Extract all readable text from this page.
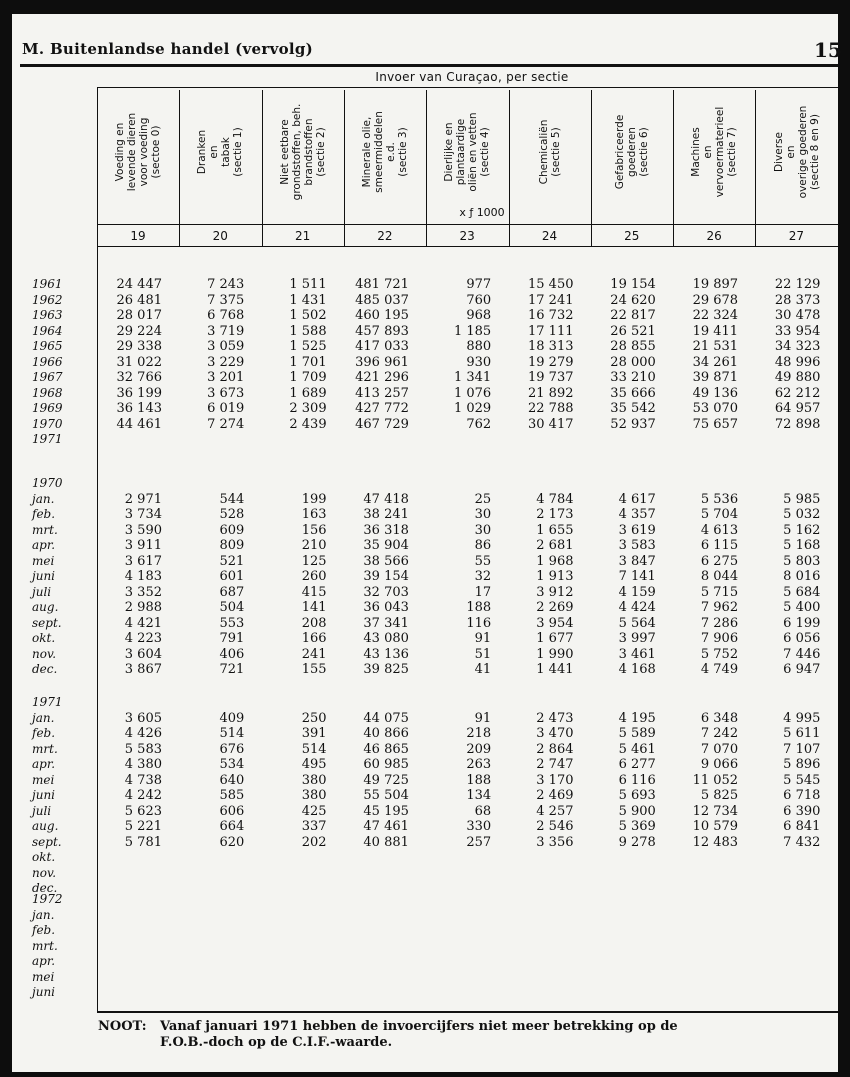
M. Buitenlandse handel (vervolg)	15
Invoer van Curaçao, per sectie
Voeding en levende dieren voor voeding (sectoe 0)	Dranken en tabak (sectie 1)	Niet eetbare grondstoffen, beh. brandstoffen (sectie 2)	Minerale olie, smeermiddelen e.d. (sectie 3)	Dierlijke en plantaardige oliën en vetten (sectie 4)	Chemicaliën (sectie 5)	Gefabriceerde goederen (sectie 6)	Machines en vervoermaterieel (sectie 7)	Diverse en overige goederen (sectie 8 en 9)
x ƒ 1000
19	20	21	22	23	24	25	26	27
1961	24 447	7 243	1 511	481 721	977	15 450	19 154	19 897	22 129
1962	26 481	7 375	1 431	485 037	760	17 241	24 620	29 678	28 373
1963	28 017	6 768	1 502	460 195	968	16 732	22 817	22 324	30 478
1964	29 224	3 719	1 588	457 893	1 185	17 111	26 521	19 411	33 954
1965	29 338	3 059	1 525	417 033	880	18 313	28 855	21 531	34 323
1966	31 022	3 229	1 701	396 961	930	19 279	28 000	34 261	48 996
1967	32 766	3 201	1 709	421 296	1 341	19 737	33 210	39 871	49 880
1968	36 199	3 673	1 689	413 257	1 076	21 892	35 666	49 136	62 212
1969	36 143	6 019	2 309	427 772	1 029	22 788	35 542	53 070	64 957
1970	44 461	7 274	2 439	467 729	762	30 417	52 937	75 657	72 898
1971
1970
jan.	2 971	544	199	47 418	25	4 784	4 617	5 536	5 985
feb.	3 734	528	163	38 241	30	2 173	4 357	5 704	5 032
mrt.	3 590	609	156	36 318	30	1 655	3 619	4 613	5 162
apr.	3 911	809	210	35 904	86	2 681	3 583	6 115	5 168
mei	3 617	521	125	38 566	55	1 968	3 847	6 275	5 803
juni	4 183	601	260	39 154	32	1 913	7 141	8 044	8 016
juli	3 352	687	415	32 703	17	3 912	4 159	5 715	5 684
aug.	2 988	504	141	36 043	188	2 269	4 424	7 962	5 400
sept.	4 421	553	208	37 341	116	3 954	5 564	7 286	6 199
okt.	4 223	791	166	43 080	91	1 677	3 997	7 906	6 056
nov.	3 604	406	241	43 136	51	1 990	3 461	5 752	7 446
dec.	3 867	721	155	39 825	41	1 441	4 168	4 749	6 947
1971
jan.	3 605	409	250	44 075	91	2 473	4 195	6 348	4 995
feb.	4 426	514	391	40 866	218	3 470	5 589	7 242	5 611
mrt.	5 583	676	514	46 865	209	2 864	5 461	7 070	7 107
apr.	4 380	534	495	60 985	263	2 747	6 277	9 066	5 896
mei	4 738	640	380	49 725	188	3 170	6 116	11 052	5 545
juni	4 242	585	380	55 504	134	2 469	5 693	5 825	6 718
juli	5 623	606	425	45 195	68	4 257	5 900	12 734	6 390
aug.	5 221	664	337	47 461	330	2 546	5 369	10 579	6 841
sept.	5 781	620	202	40 881	257	3 356	9 278	12 483	7 432
okt.
nov.
dec.
1972
jan.
feb.
mrt.
apr.
mei
juni
NOOT: Vanaf januari 1971 hebben de invoercijfers niet meer betrekking op de
F.O.B.-doch op de C.I.F.-waarde.
